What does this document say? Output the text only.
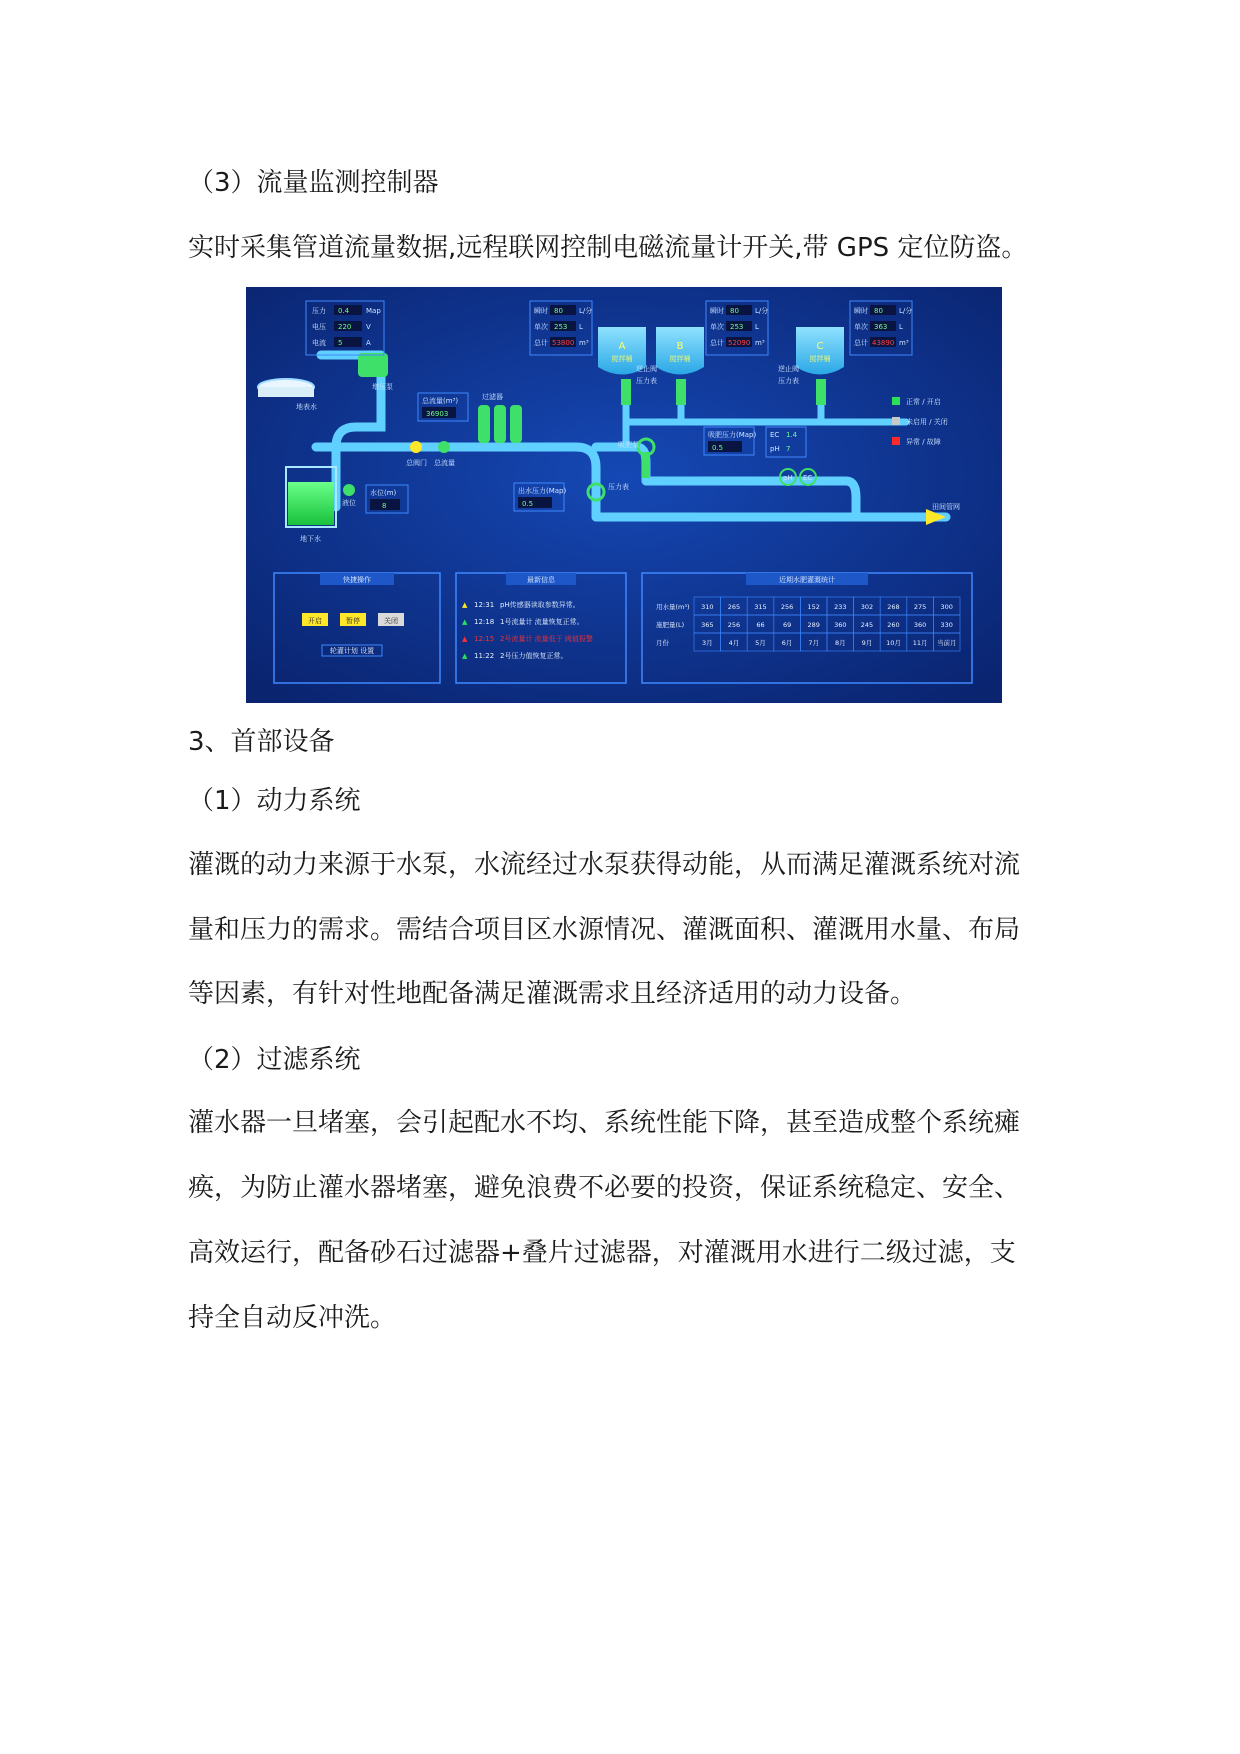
（3）流量监测控制器
实时采集管道流量数据,远程联网控制电磁流量计开关,带 GPS 定位防盗。
A
搅拌桶
B
搅拌桶
C
搅拌桶
压力 0.4 Map
电压 220 V
电流 5	A
瞬时 80 L/分
单次 253 L
总计 53800 m³
瞬时 80 L/分
单次 253 L
总计 52090 m³
瞬时 80 L/分
单次 363 L
总计 43890 m³
总流量(m³)
36903
吸肥压力(Map)
0.5
EC 1.4
pH 7
出水压力(Map)
0.5
水位(m)
8
地表水
增压泵
过滤器
总阀门 总流量
逆止阀
压力表
逆止阀
压力表
吸肥泵
压力表
地下水
液位	田间管网
pH EC
正常 / 开启
未启用 / 关闭
异常 / 故障
快捷操作
开启	暂停	关闭
轮灌计划 设置
最新信息
▲ 12:31 pH传感器读取参数异常。
▲ 12:18 1号流量计 流量恢复正常。
▲ 12:15 2号流量计 流量低于 阈值报警
▲ 11:22 2号压力值恢复正常。
近期水肥灌溉统计
用水量(m³) 310 265 315 256 152 233 302 268 275 300
施肥量(L)	365 256 66	69 289 360 245 260 360 330
月份	3月 4月 5月 6月 7月 8月 9月 10月 11月 当前月
3、首部设备
（1）动力系统
灌溉的动力来源于水泵，水流经过水泵获得动能，从而满足灌溉系统对流
量和压力的需求。需结合项目区水源情况、灌溉面积、灌溉用水量、布局
等因素，有针对性地配备满足灌溉需求且经济适用的动力设备。
（2）过滤系统
灌水器一旦堵塞，会引起配水不均、系统性能下降，甚至造成整个系统瘫
痪，为防止灌水器堵塞，避免浪费不必要的投资，保证系统稳定、安全、
高效运行，配备砂石过滤器+叠片过滤器，对灌溉用水进行二级过滤，支
持全自动反冲洗。
